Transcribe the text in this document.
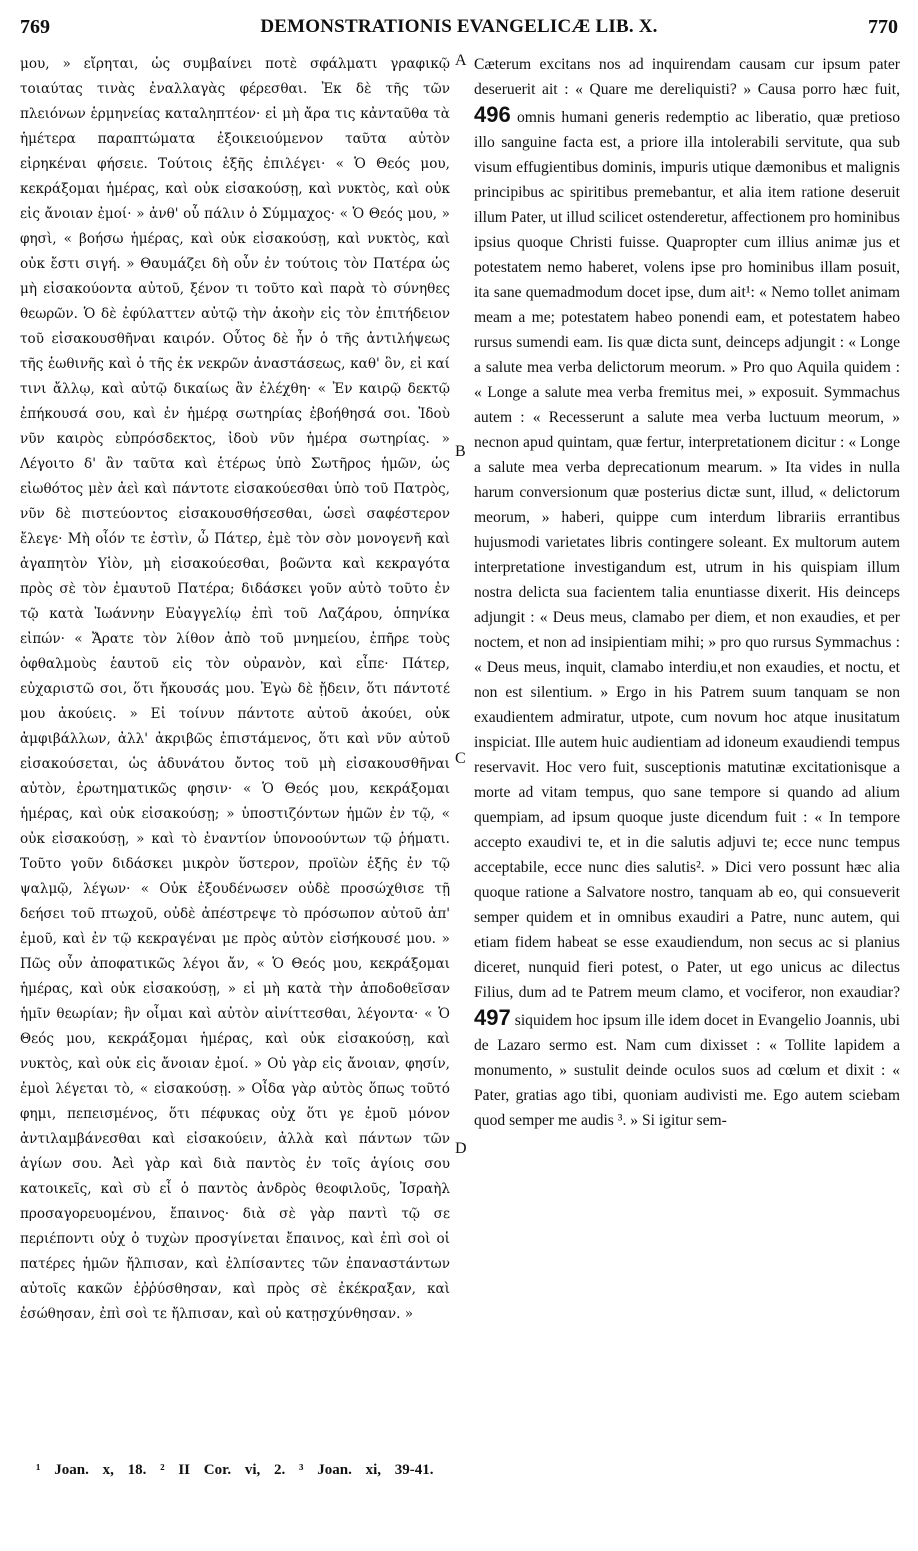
769	DEMONSTRATIONIS EVANGELICÆ LIB. X.	770

μου, » εἴρηται, ὡς συμβαίνει ποτὲ σφάλματι γραφικῷ τοιαύτας τινὰς ἐναλλαγὰς φέρεσθαι. Ἐκ δὲ τῆς τῶν πλειόνων ἑρμηνείας καταληπτέον· εἰ μὴ ἄρα τις κἀνταῦθα τὰ ἡμέτερα παραπτώματα ἐξοικειούμενον ταῦτα αὐτὸν εἰρηκέναι φήσειε. Τούτοις ἑξῆς ἐπιλέγει· « Ὁ Θεός μου, κεκράξομαι ἡμέρας, καὶ οὐκ εἰσακούσῃ, καὶ νυκτὸς, καὶ οὐκ εἰς ἄνοιαν ἐμοί· » ἀνθ' οὗ πάλιν ὁ Σύμμαχος· « Ὁ Θεός μου, » φησὶ, « βοήσω ἡμέρας, καὶ οὐκ εἰσακούσῃ, καὶ νυκτὸς, καὶ οὐκ ἔστι σιγή. » Θαυμάζει δὴ οὖν ἐν τούτοις τὸν Πατέρα ὡς μὴ εἰσακούοντα αὐτοῦ, ξένον τι τοῦτο καὶ παρὰ τὸ σύνηθες θεωρῶν. Ὁ δὲ ἐφύλαττεν αὐτῷ τὴν ἀκοὴν εἰς τὸν ἐπιτήδειον τοῦ εἰσακουσθῆναι καιρόν. Οὗτος δὲ ἦν ὁ τῆς ἀντιλήψεως τῆς ἑωθινῆς καὶ ὁ τῆς ἐκ νεκρῶν ἀναστάσεως, καθ' ὃν, εἰ καί τινι ἄλλῳ, καὶ αὐτῷ δικαίως ἂν ἐλέχθη· « Ἐν καιρῷ δεκτῷ ἐπήκουσά σου, καὶ ἐν ἡμέρᾳ σωτηρίας ἐβοήθησά σοι. Ἰδοὺ νῦν καιρὸς εὐπρόσδεκτος, ἰδοὺ νῦν ἡμέρα σωτηρίας. » Λέγοιτο δ' ἂν ταῦτα καὶ ἑτέρως ὑπὸ Σωτῆρος ἡμῶν, ὡς εἰωθότος μὲν ἀεὶ καὶ πάντοτε εἰσακούεσθαι ὑπὸ τοῦ Πατρὸς, νῦν δὲ πιστεύοντος εἰσακουσθήσεσθαι, ὡσεὶ σαφέστερον ἔλεγε· Μὴ οἷόν τε ἐστὶν, ὦ Πάτερ, ἐμὲ τὸν σὸν μονογενῆ καὶ ἀγαπητὸν Υἱὸν, μὴ εἰσακούεσθαι, βοῶντα καὶ κεκραγότα πρὸς σὲ τὸν ἐμαυτοῦ Πατέρα; διδάσκει γοῦν αὐτὸ τοῦτο ἐν τῷ κατὰ Ἰωάννην Εὐαγγελίῳ ἐπὶ τοῦ Λαζάρου, ὁπηνίκα εἰπών· « Ἄρατε τὸν λίθον ἀπὸ τοῦ μνημείου, ἐπῆρε τοὺς ὀφθαλμοὺς ἑαυτοῦ εἰς τὸν οὐρανὸν, καὶ εἶπε· Πάτερ, εὐχαριστῶ σοι, ὅτι ἤκουσάς μου. Ἐγὼ δὲ ᾔδειν, ὅτι πάντοτέ μου ἀκούεις. » Εἰ τοίνυν πάντοτε αὐτοῦ ἀκούει, οὐκ ἀμφιβάλλων, ἀλλ' ἀκριβῶς ἐπιστάμενος, ὅτι καὶ νῦν αὐτοῦ εἰσακούσεται, ὡς ἀδυνάτου ὄντος τοῦ μὴ εἰσακουσθῆναι αὐτὸν, ἐρωτηματικῶς φησιν· « Ὁ Θεός μου, κεκράξομαι ἡμέρας, καὶ οὐκ εἰσακούσῃ; » ὑποστιζόντων ἡμῶν ἐν τῷ, « οὐκ εἰσακούσῃ, » καὶ τὸ ἐναντίον ὑπονοούντων τῷ ῥήματι. Τοῦτο γοῦν διδάσκει μικρὸν ὕστερον, προϊὼν ἑξῆς ἐν τῷ ψαλμῷ, λέγων· « Οὐκ ἐξουδένωσεν οὐδὲ προσώχθισε τῇ δεήσει τοῦ πτωχοῦ, οὐδὲ ἀπέστρεψε τὸ πρόσωπον αὐτοῦ ἀπ' ἐμοῦ, καὶ ἐν τῷ κεκραγέναι με πρὸς αὐτὸν εἰσήκουσέ μου. » Πῶς οὖν ἀποφατικῶς λέγοι ἄν, « Ὁ Θεός μου, κεκράξομαι ἡμέρας, καὶ οὐκ εἰσακούσῃ, » εἰ μὴ κατὰ τὴν ἀποδοθεῖσαν ἡμῖν θεωρίαν; ἣν οἶμαι καὶ αὐτὸν αἰνίττεσθαι, λέγοντα· « Ὁ Θεός μου, κεκράξομαι ἡμέρας, καὶ οὐκ εἰσακούσῃ, καὶ νυκτὸς, καὶ οὐκ εἰς ἄνοιαν ἐμοί. » Οὐ γὰρ εἰς ἄνοιαν, φησίν, ἐμοὶ λέγεται τὸ, « εἰσακούσῃ. » Οἶδα γὰρ αὐτὸς ὅπως τοῦτό φημι, πεπεισμένος, ὅτι πέφυκας οὐχ ὅτι γε ἐμοῦ μόνον ἀντιλαμβάνεσθαι καὶ εἰσακούειν, ἀλλὰ καὶ πάντων τῶν ἁγίων σου. Ἀεὶ γὰρ καὶ διὰ παντὸς ἐν τοῖς ἁγίοις σου κατοικεῖς, καὶ σὺ εἶ ὁ παντὸς ἀνδρὸς θεοφιλοῦς, Ἰσραὴλ προσαγορευομένου, ἔπαινος· διὰ σὲ γὰρ παντὶ τῷ σε περιέποντι οὐχ ὁ τυχὼν προσγίνεται ἔπαινος, καὶ ἐπὶ σοὶ οἱ πατέρες ἡμῶν ἤλπισαν, καὶ ἐλπίσαντες τῶν ἐπαναστάντων αὐτοῖς κακῶν ἐῤῥύσθησαν, καὶ πρὸς σὲ ἐκέκραξαν, καὶ ἐσώθησαν, ἐπὶ σοὶ τε ἤλπισαν, καὶ οὐ κατῃσχύνθησαν. »

A
B
C
D

Cæterum excitans nos ad inquirendam causam cur ipsum pater deseruerit ait : « Quare me dereliquisti? » Causa porro hæc fuit, 496 omnis humani generis redemptio ac liberatio, quæ pretioso illo sanguine facta est, a priore illa intolerabili servitute, qua sub visum effugientibus dominis, impuris utique dæmonibus et malignis principibus ac spiritibus premebantur, et alia item ratione deseruit illum Pater, ut illud scilicet ostenderetur, affectionem pro hominibus ipsius quoque Christi fuisse. Quapropter cum illius animæ jus et potestatem nemo haberet, volens ipse pro hominibus illam posuit, ita sane quemadmodum docet ipse, dum ait¹: « Nemo tollet animam meam a me; potestatem habeo ponendi eam, et potestatem habeo rursus sumendi eam. Iis quæ dicta sunt, deinceps adjungit : « Longe a salute mea verba delictorum meorum. » Pro quo Aquila quidem : « Longe a salute mea verba fremitus mei, » exposuit. Symmachus autem : « Recesserunt a salute mea verba luctuum meorum, » necnon apud quintam, quæ fertur, interpretationem dicitur : « Longe a salute mea verba deprecationum mearum. » Ita vides in nulla harum conversionum quæ posterius dictæ sunt, illud, « delictorum meorum, » haberi, quippe cum interdum librariis errantibus hujusmodi varietates libris contingere soleant. Ex multorum autem interpretatione investigandum est, utrum in his quispiam illum nostra delicta sua facientem talia enuntiasse dixerit. His deinceps adjungit : « Deus meus, clamabo per diem, et non exaudies, et per noctem, et non ad insipientiam mihi; » pro quo rursus Symmachus : « Deus meus, inquit, clamabo interdiu,et non exaudies, et noctu, et non est silentium. » Ergo in his Patrem suum tanquam se non exaudientem admiratur, utpote, cum novum hoc atque inusitatum inspiciat. Ille autem huic audientiam ad idoneum exaudiendi tempus reservavit. Hoc vero fuit, susceptionis matutinæ excitationisque a morte ad vitam tempus, quo sane tempore si quando ad alium quempiam, ad ipsum quoque juste dicendum fuit : « In tempore accepto exaudivi te, et in die salutis adjuvi te; ecce nunc tempus acceptabile, ecce nunc dies salutis². » Dici vero possunt hæc alia quoque ratione a Salvatore nostro, tanquam ab eo, qui consueverit semper quidem et in omnibus exaudiri a Patre, nunc autem, qui etiam fidem habeat se esse exaudiendum, non secus ac si planius diceret, nunquid fieri potest, o Pater, ut ego unicus ac dilectus Filius, dum ad te Patrem meum clamo, et vociferor, non exaudiar? 497 siquidem hoc ipsum ille idem docet in Evangelio Joannis, ubi de Lazaro sermo est. Nam cum dixisset : « Tollite lapidem a monumento, » sustulit deinde oculos suos ad cœlum et dixit : « Pater, gratias ago tibi, quoniam audivisti me. Ego autem sciebam quod semper me audis ³. » Si igitur sem-

¹ Joan. x, 18. ² II Cor. vi, 2. ³ Joan. xi, 39-41.
